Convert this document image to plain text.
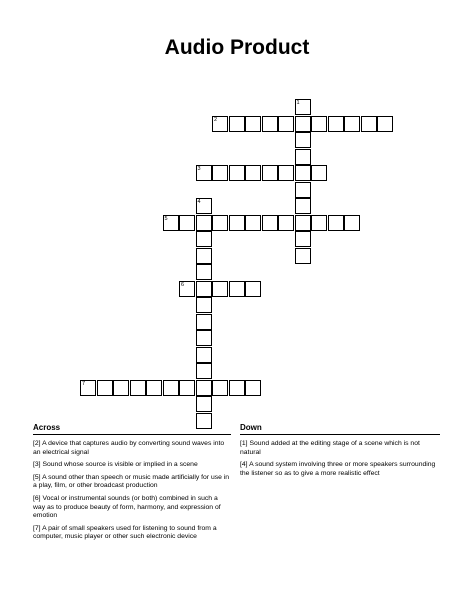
Audio Product
1
2
3
4
5
6
7
Across	Down
[2] A device that captures audio by converting sound waves into an electrical signal
[3] Sound whose source is visible or implied in a scene
[5] A sound other than speech or music made artificially for use in a play, film, or other broadcast production
[6] Vocal or instrumental sounds (or both) combined in such a way as to produce beauty of form, harmony, and expression of emotion
[7] A pair of small speakers used for listening to sound from a computer, music player or other such electronic device
[1] Sound added at the editing stage of a scene which is not natural
[4] A sound system involving three or more speakers surrounding the listener so as to give a more realistic effect
